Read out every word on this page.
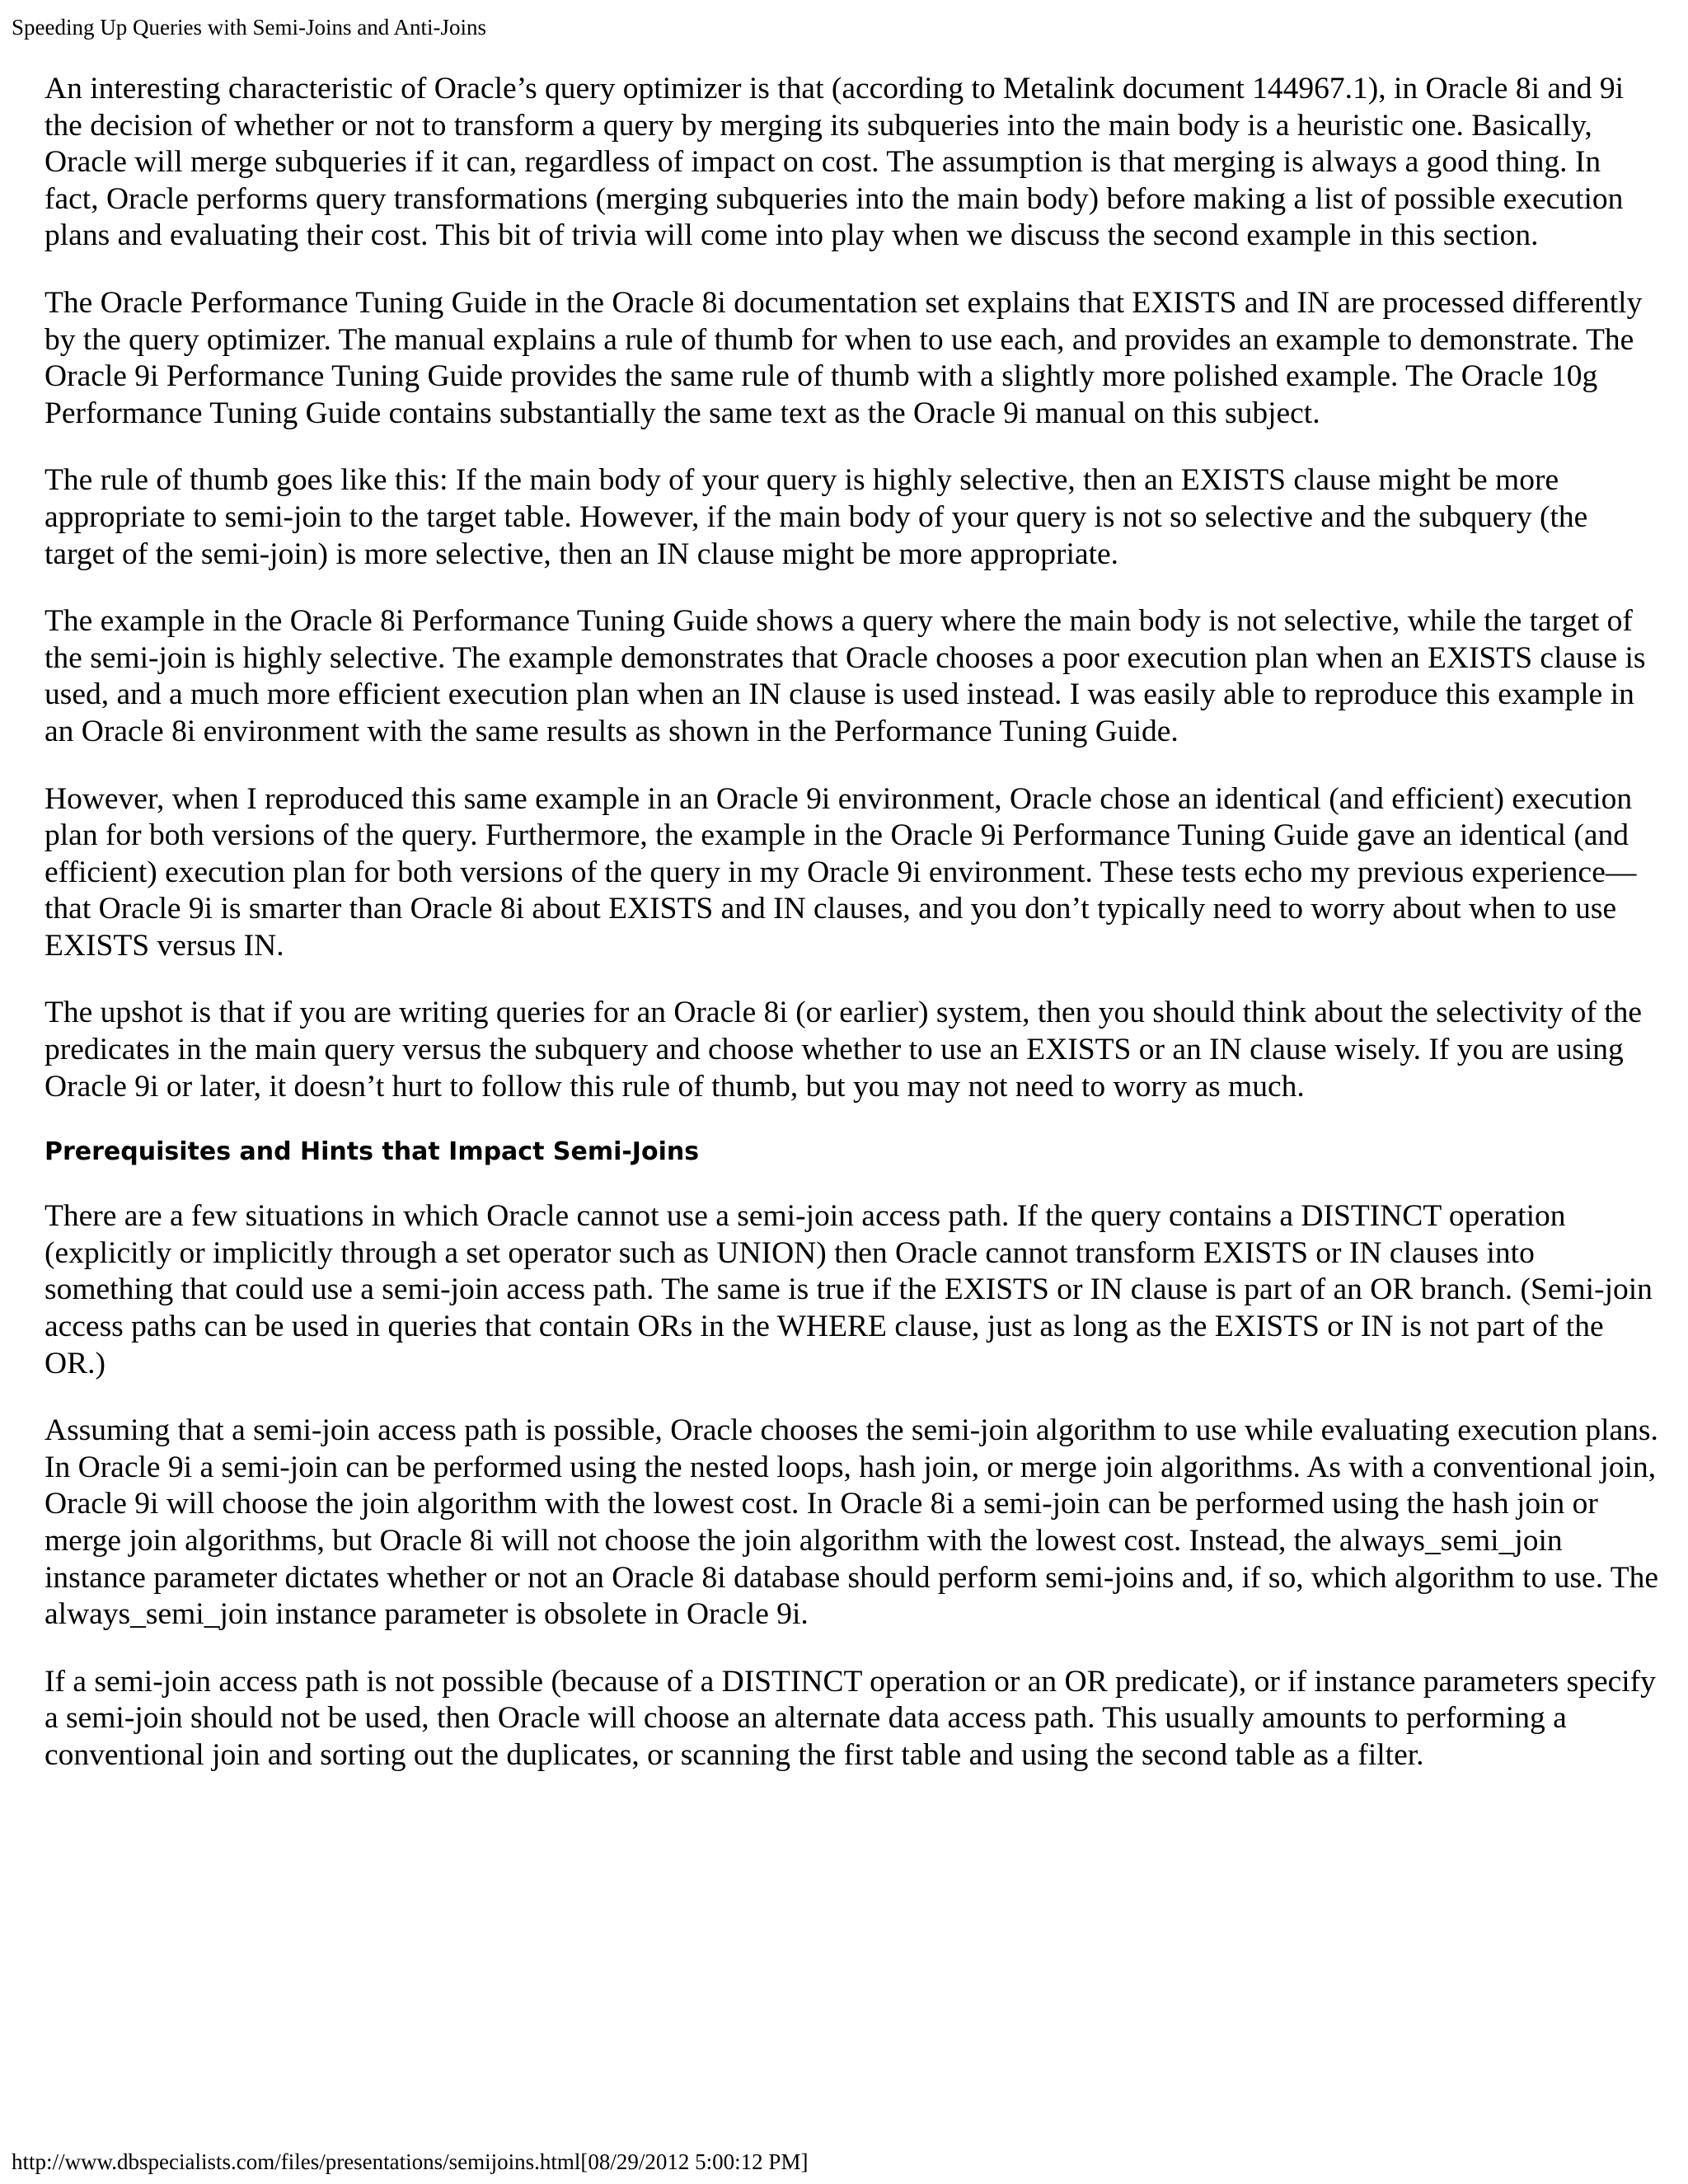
Speeding Up Queries with Semi-Joins and Anti-Joins

An interesting characteristic of Oracle’s query optimizer is that (according to Metalink document 144967.1), in Oracle 8i and 9i the decision of whether or not to transform a query by merging its subqueries into the main body is a heuristic one. Basically, Oracle will merge subqueries if it can, regardless of impact on cost. The assumption is that merging is always a good thing. In fact, Oracle performs query transformations (merging subqueries into the main body) before making a list of possible execution plans and evaluating their cost. This bit of trivia will come into play when we discuss the second example in this section.

The Oracle Performance Tuning Guide in the Oracle 8i documentation set explains that EXISTS and IN are processed differently by the query optimizer. The manual explains a rule of thumb for when to use each, and provides an example to demonstrate. The Oracle 9i Performance Tuning Guide provides the same rule of thumb with a slightly more polished example. The Oracle 10g Performance Tuning Guide contains substantially the same text as the Oracle 9i manual on this subject.

The rule of thumb goes like this: If the main body of your query is highly selective, then an EXISTS clause might be more appropriate to semi-join to the target table. However, if the main body of your query is not so selective and the subquery (the target of the semi-join) is more selective, then an IN clause might be more appropriate.

The example in the Oracle 8i Performance Tuning Guide shows a query where the main body is not selective, while the target of the semi-join is highly selective. The example demonstrates that Oracle chooses a poor execution plan when an EXISTS clause is used, and a much more efficient execution plan when an IN clause is used instead. I was easily able to reproduce this example in an Oracle 8i environment with the same results as shown in the Performance Tuning Guide.

However, when I reproduced this same example in an Oracle 9i environment, Oracle chose an identical (and efficient) execution plan for both versions of the query. Furthermore, the example in the Oracle 9i Performance Tuning Guide gave an identical (and efficient) execution plan for both versions of the query in my Oracle 9i environment. These tests echo my previous experience—that Oracle 9i is smarter than Oracle 8i about EXISTS and IN clauses, and you don’t typically need to worry about when to use EXISTS versus IN.

The upshot is that if you are writing queries for an Oracle 8i (or earlier) system, then you should think about the selectivity of the predicates in the main query versus the subquery and choose whether to use an EXISTS or an IN clause wisely. If you are using Oracle 9i or later, it doesn’t hurt to follow this rule of thumb, but you may not need to worry as much.

Prerequisites and Hints that Impact Semi-Joins

There are a few situations in which Oracle cannot use a semi-join access path. If the query contains a DISTINCT operation (explicitly or implicitly through a set operator such as UNION) then Oracle cannot transform EXISTS or IN clauses into something that could use a semi-join access path. The same is true if the EXISTS or IN clause is part of an OR branch. (Semi-join access paths can be used in queries that contain ORs in the WHERE clause, just as long as the EXISTS or IN is not part of the OR.)

Assuming that a semi-join access path is possible, Oracle chooses the semi-join algorithm to use while evaluating execution plans. In Oracle 9i a semi-join can be performed using the nested loops, hash join, or merge join algorithms. As with a conventional join, Oracle 9i will choose the join algorithm with the lowest cost. In Oracle 8i a semi-join can be performed using the hash join or merge join algorithms, but Oracle 8i will not choose the join algorithm with the lowest cost. Instead, the always_semi_join instance parameter dictates whether or not an Oracle 8i database should perform semi-joins and, if so, which algorithm to use. The always_semi_join instance parameter is obsolete in Oracle 9i.

If a semi-join access path is not possible (because of a DISTINCT operation or an OR predicate), or if instance parameters specify a semi-join should not be used, then Oracle will choose an alternate data access path. This usually amounts to performing a conventional join and sorting out the duplicates, or scanning the first table and using the second table as a filter.

http://www.dbspecialists.com/files/presentations/semijoins.html[08/29/2012 5:00:12 PM]
